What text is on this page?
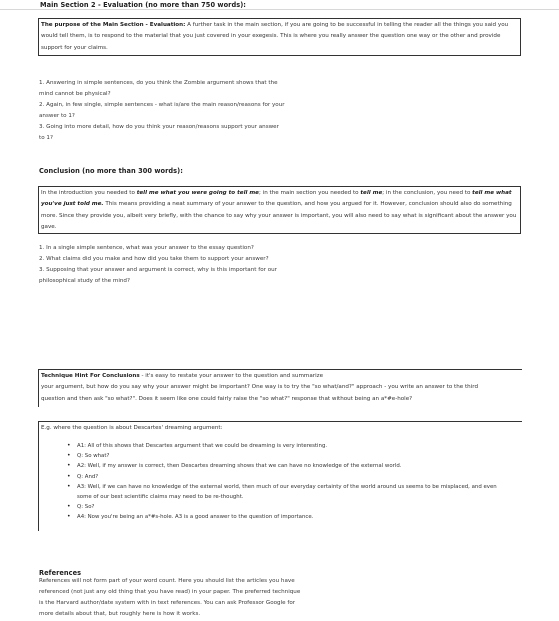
Main Section 2 - Evaluation (no more than 750 words):
The purpose of the Main Section - Evaluation: A further task in the main section, if you are going to be successful in telling the reader all the things you said you would tell them, is to respond to the material that you just covered in your exegesis. This is where you really answer the question one way or the other and provide support for your claims.
1. Answering in simple sentences, do you think the Zombie argument shows that the
mind cannot be physical?
2. Again, in few single, simple sentences - what is/are the main reason/reasons for your
answer to 1?
3. Going into more detail, how do you think your reason/reasons support your answer
to 1?
Conclusion (no more than 300 words):
In the introduction you needed to tell me what you were going to tell me; in the main section you needed to tell me; in the conclusion, you need to tell me what you've just told me. This means providing a neat summary of your answer to the question, and how you argued for it. However, conclusion should also do something more. Since they provide you, albeit very briefly, with the chance to say why your answer is important, you will also need to say what is significant about the answer you gave.
1. In a single simple sentence, what was your answer to the essay question?
2. What claims did you make and how did you take them to support your answer?
3. Supposing that your answer and argument is correct, why is this important for our
philosophical study of the mind?
Technique Hint For Conclusions - it's easy to restate your answer to the question and summarize
your argument, but how do you say why your answer might be important? One way is to try the "so what/and?" approach - you write an answer to the third
question and then ask "so what?". Does it seem like one could fairly raise the "so what?" response that without being an a*#e-hole?
E.g. where the question is about Descartes' dreaming argument:
• A1: All of this shows that Descartes argument that we could be dreaming is very interesting.
• Q: So what?
• A2: Well, if my answer is correct, then Descartes dreaming shows that we can have no knowledge of the external world.
• Q: And?
• A3: Well, if we can have no knowledge of the external world, then much of our everyday certainty of the world around us seems to be misplaced, and even some of our best scientific claims may need to be re-thought.
• Q: So?
• A4: Now you're being an a*#s-hole. A3 is a good answer to the question of importance.
References
References will not form part of your word count. Here you should list the articles you have
referenced (not just any old thing that you have read) in your paper. The preferred technique
is the Harvard author/date system with in text references. You can ask Professor Google for
more details about that, but roughly here is how it works.
